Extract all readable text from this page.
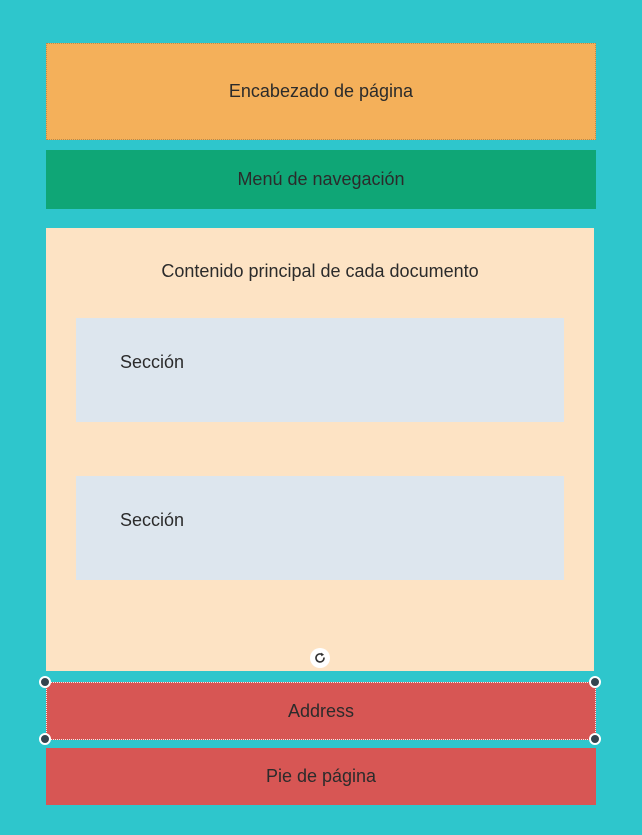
Encabezado de página
Menú de navegación
Contenido principal de cada documento
Sección
Sección
Address
Pie de página
